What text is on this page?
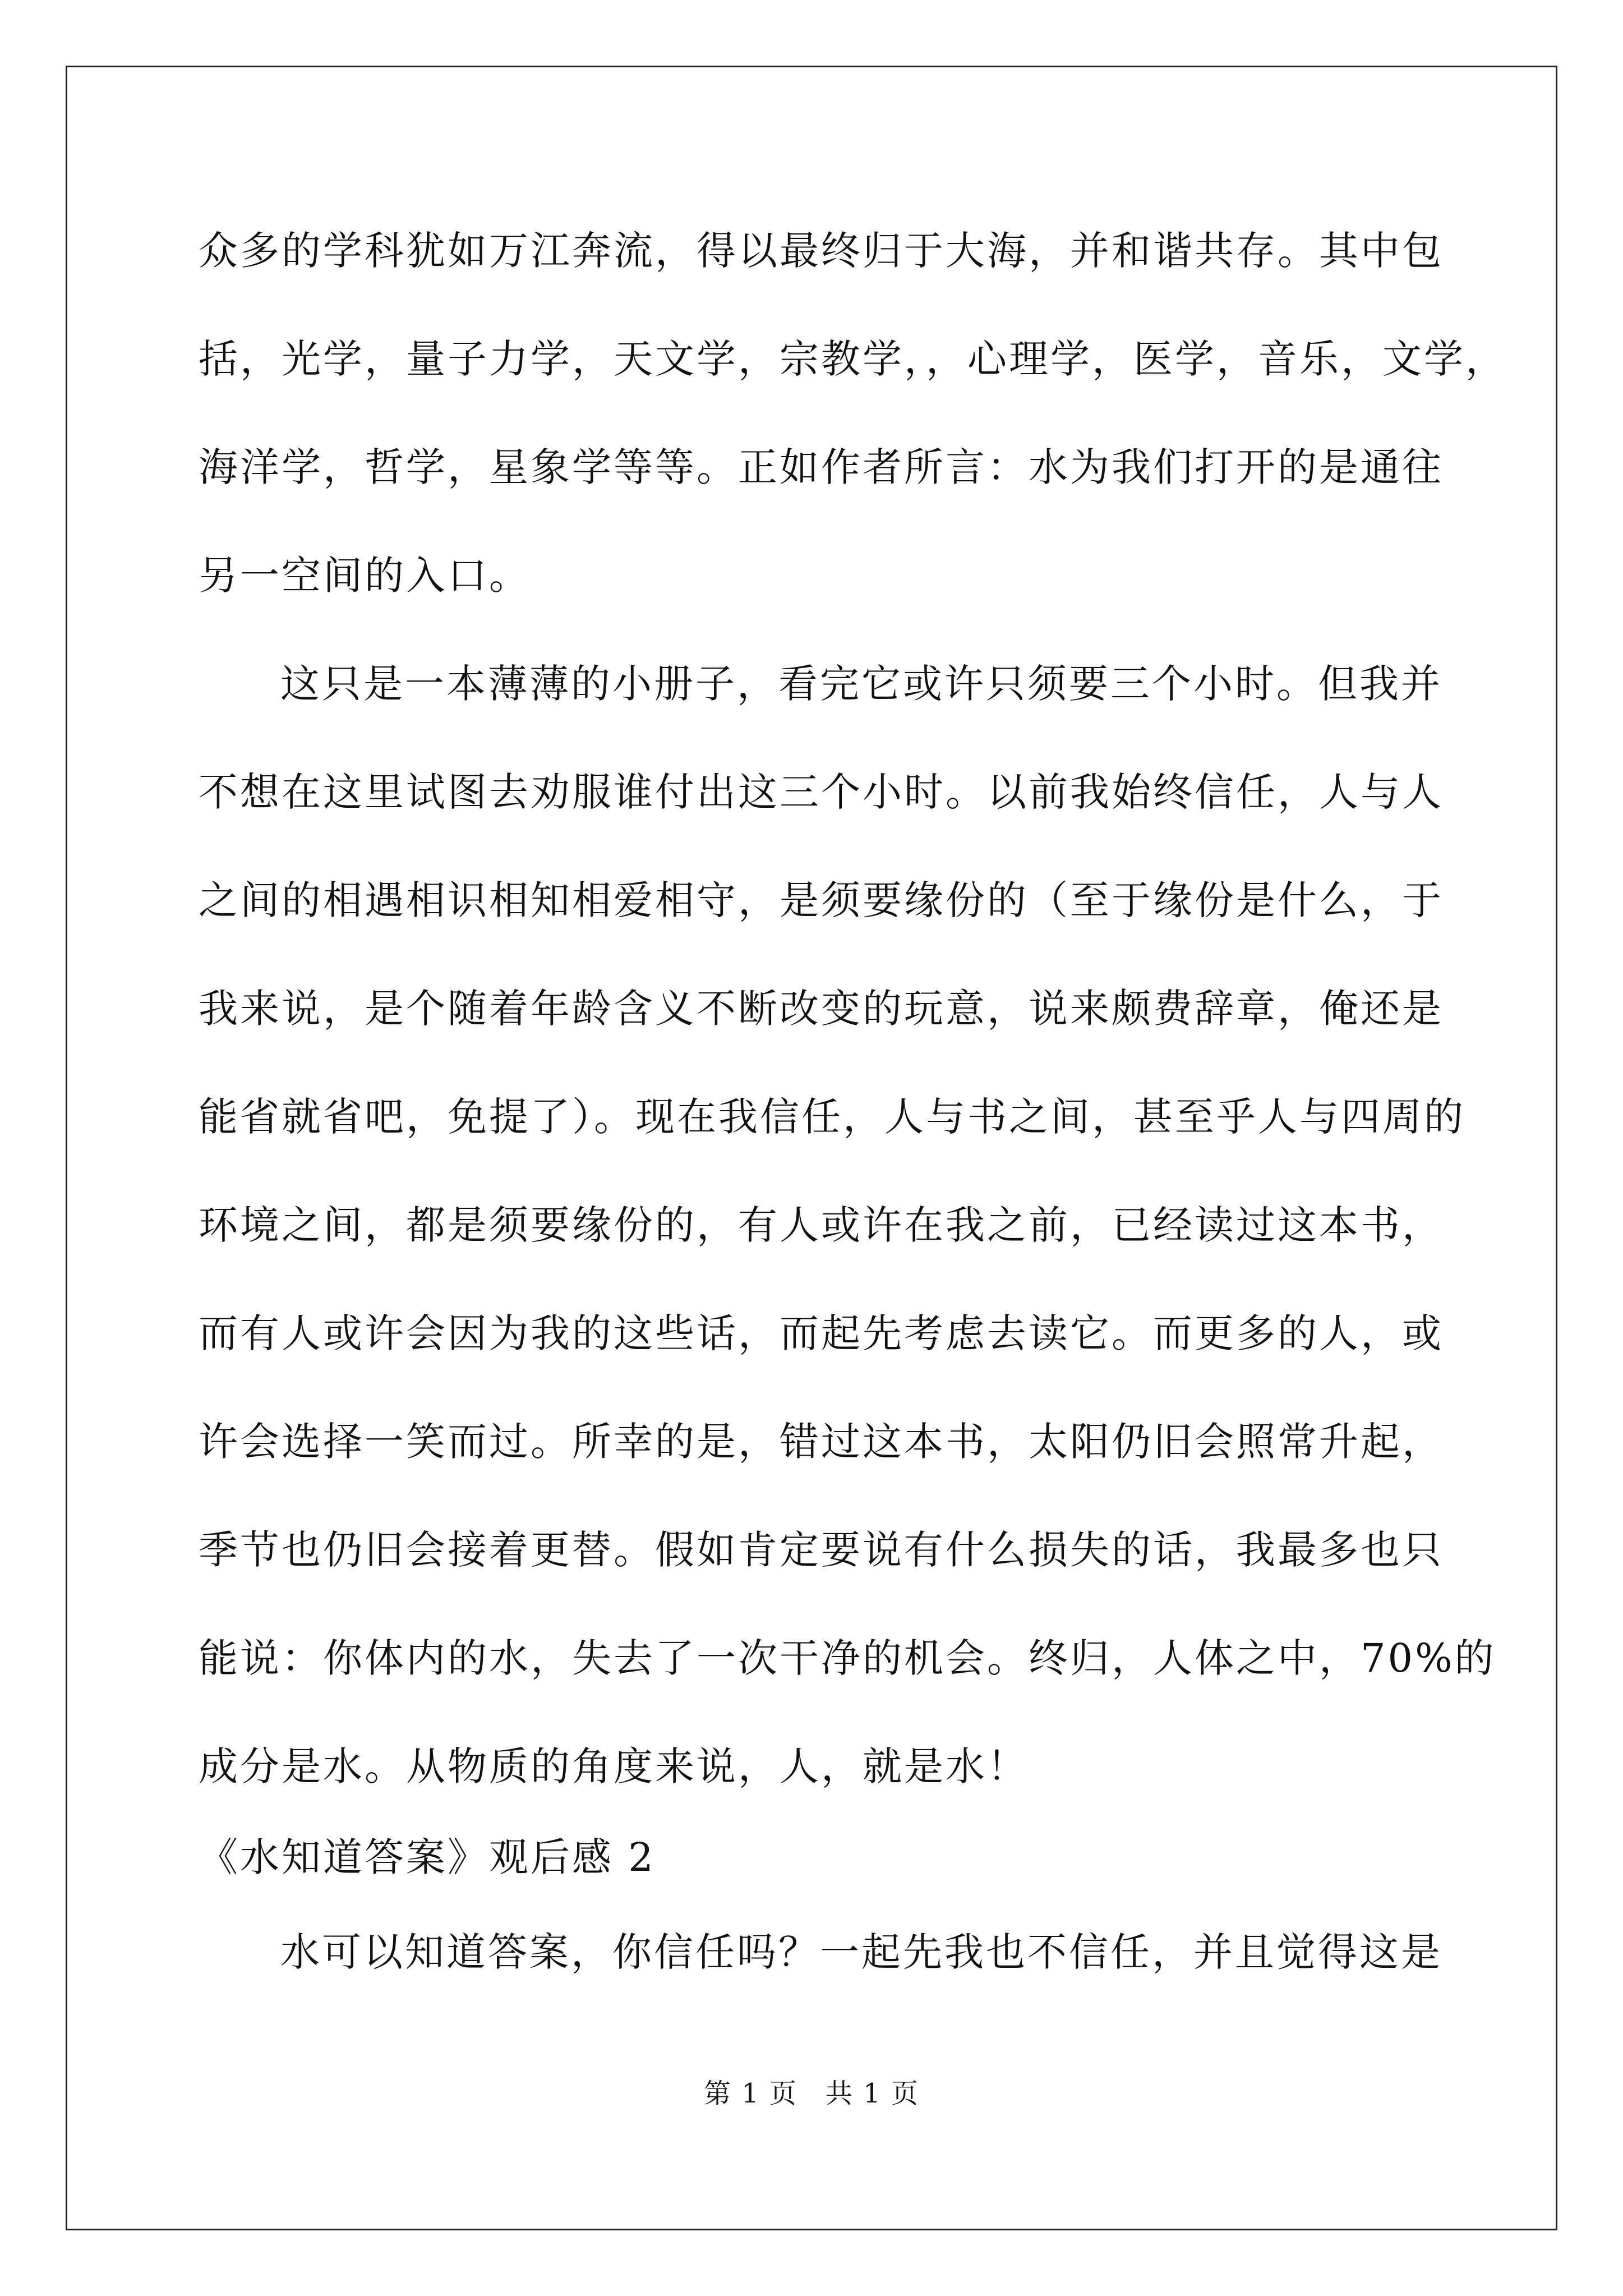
众多的学科犹如万江奔流，得以最终归于大海，并和谐共存。其中包
括，光学，量子力学，天文学，宗教学，，心理学，医学，音乐，文学，
海洋学，哲学，星象学等等。正如作者所言：水为我们打开的是通往
另一空间的入口。
这只是一本薄薄的小册子，看完它或许只须要三个小时。但我并
不想在这里试图去劝服谁付出这三个小时。以前我始终信任，人与人
之间的相遇相识相知相爱相守，是须要缘份的（至于缘份是什么，于
我来说，是个随着年龄含义不断改变的玩意，说来颇费辞章，俺还是
能省就省吧，免提了）。现在我信任，人与书之间，甚至乎人与四周的
环境之间，都是须要缘份的，有人或许在我之前，已经读过这本书，
而有人或许会因为我的这些话，而起先考虑去读它。而更多的人，或
许会选择一笑而过。所幸的是，错过这本书，太阳仍旧会照常升起，
季节也仍旧会接着更替。假如肯定要说有什么损失的话，我最多也只
能说：你体内的水，失去了一次干净的机会。终归，人体之中，70%的
成分是水。从物质的角度来说，人，就是水！
《水知道答案》观后感 2
水可以知道答案，你信任吗？一起先我也不信任，并且觉得这是
第 1 页　共 1 页
